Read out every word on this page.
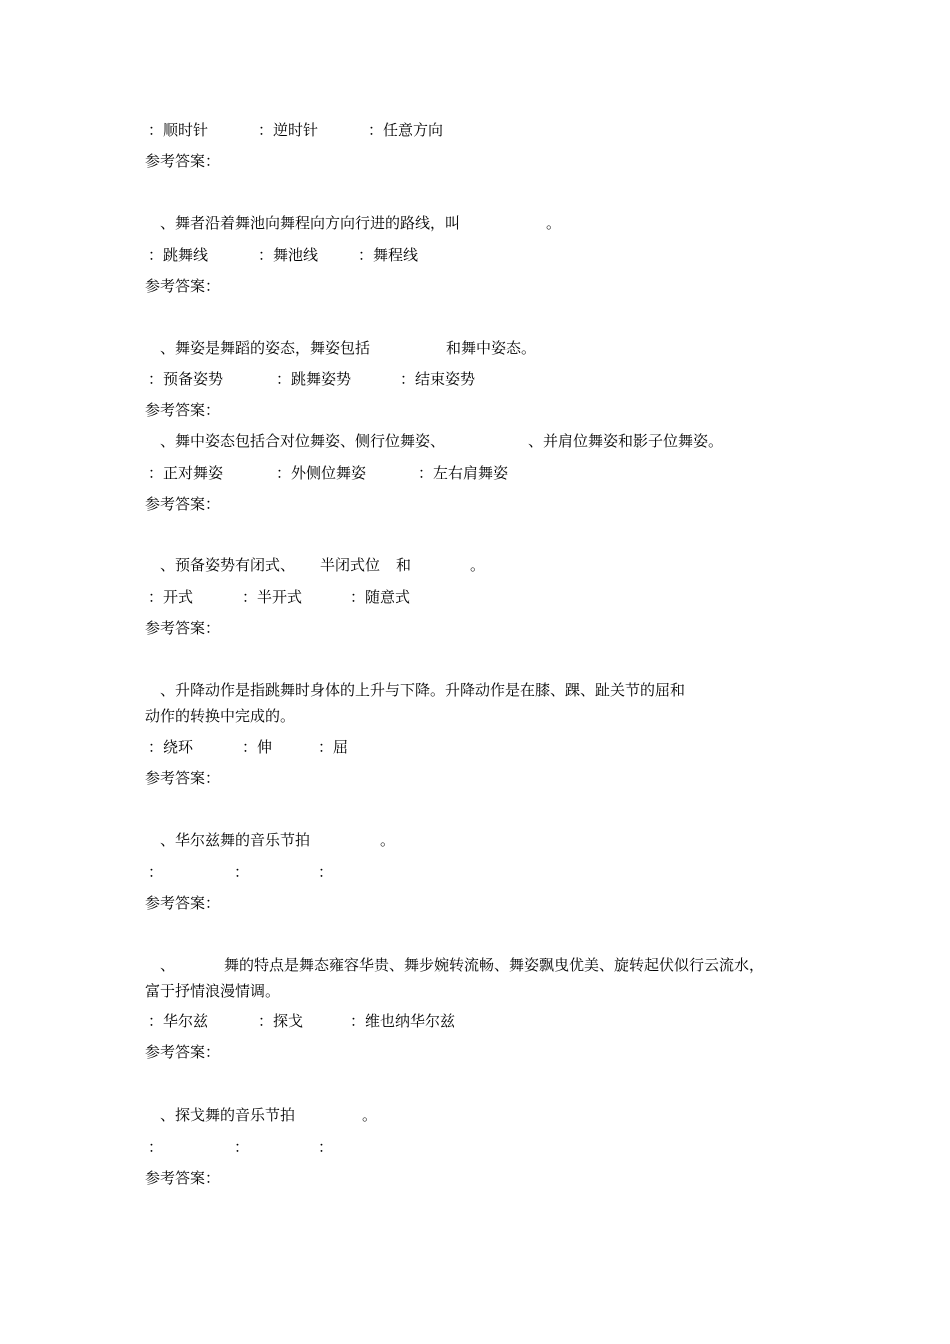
：顺时针	：逆时针	：任意方向
参考答案：
、舞者沿着舞池向舞程向方向行进的路线，叫	。
：跳舞线	：舞池线	：舞程线
参考答案：
、舞姿是舞蹈的姿态，舞姿包括	和舞中姿态。
：预备姿势	：跳舞姿势	：结束姿势
参考答案：
、舞中姿态包括合对位舞姿、侧行位舞姿、	、并肩位舞姿和影子位舞姿。
：正对舞姿	：外侧位舞姿	：左右肩舞姿
参考答案：
、预备姿势有闭式、 半闭式位 和	。
：开式	：半开式	：随意式
参考答案：
、升降动作是指跳舞时身体的上升与下降。升降动作是在膝、踝、趾关节的屈和
动作的转换中完成的。
：绕环	：伸	：屈
参考答案：
、华尔兹舞的音乐节拍	。
：	：	：
参考答案：
、	舞的特点是舞态雍容华贵、舞步婉转流畅、舞姿飘曳优美、旋转起伏似行云流水，
富于抒情浪漫情调。
：华尔兹	：探戈	：维也纳华尔兹
参考答案：
、探戈舞的音乐节拍	。
：	：	：
参考答案：
